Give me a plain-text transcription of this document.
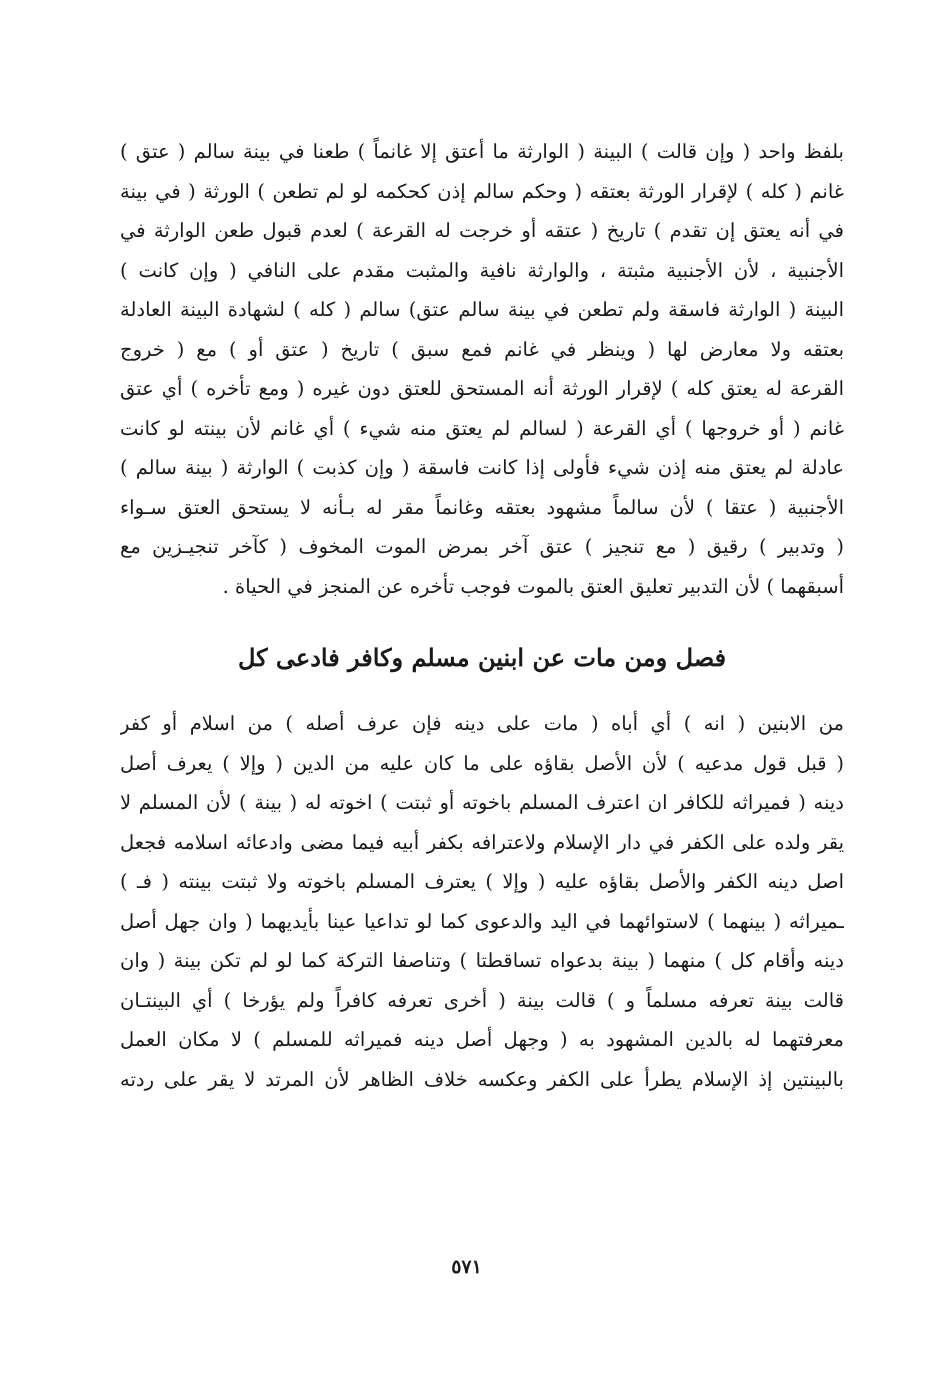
بلفظ واحد ( وإن قالت ) البينة ( الوارثة ما أعتق إلا غانماً ) طعنا في بينة سالم ( عتق )
غانم ( كله ) لإقرار الورثة بعتقه ( وحكم سالم إذن كحكمه لو لم تطعن ) الورثة ( في بينة
في أنه يعتق إن تقدم ) تاريخ ( عتقه أو خرجت له القرعة ) لعدم قبول طعن الوارثة في
الأجنبية ، لأن الأجنبية مثبتة ، والوارثة نافية والمثبت مقدم على النافي ( وإن كانت )
البينة ( الوارثة فاسقة ولم تطعن في بينة سالم عتق) سالم ( كله ) لشهادة البينة العادلة
بعتقه ولا معارض لها ( وينظر في غانم فمع سبق ) تاريخ ( عتق أو ) مع ( خروج
القرعة له يعتق كله ) لإقرار الورثة أنه المستحق للعتق دون غيره ( ومع تأخره ) أي عتق
غانم ( أو خروجها ) أي القرعة ( لسالم لم يعتق منه شيء ) أي غانم لأن بينته لو كانت
عادلة لم يعتق منه إذن شيء فأولى إذا كانت فاسقة ( وإن كذبت ) الوارثة ( بينة سالم )
الأجنبية ( عتقا ) لأن سالماً مشهود بعتقه وغانماً مقر له بـأنه لا يستحق العتق سـواء
( وتدبير ) رقيق ( مع تنجيز ) عتق آخر بمرض الموت المخوف ( كآخر تنجيـزين مع
أسبقهما ) لأن التدبير تعليق العتق بالموت فوجب تأخره عن المنجز في الحياة .
فصل ومن مات عن ابنين مسلم وكافر فادعى كل
من الابنين ( انه ) أي أباه ( مات على دينه فإن عرف أصله ) من اسلام أو كفر
( قبل قول مدعيه ) لأن الأصل بقاؤه على ما كان عليه من الدين ( وإلا ) يعرف أصل
دينه ( فميراثه للكافر ان اعترف المسلم باخوته أو ثبتت ) اخوته له ( بينة ) لأن المسلم لا
يقر ولده على الكفر في دار الإسلام ولاعترافه بكفر أبيه فيما مضى وادعائه اسلامه فجعل
اصل دينه الكفر والأصل بقاؤه عليه ( وإلا ) يعترف المسلم باخوته ولا ثبتت بينته ( فـ )
ـميراثه ( بينهما ) لاستوائهما في اليد والدعوى كما لو تداعيا عينا بأيديهما ( وان جهل أصل
دينه وأقام كل ) منهما ( بينة بدعواه تساقطتا ) وتناصفا التركة كما لو لم تكن بينة ( وان
قالت بينة تعرفه مسلماً و ) قالت بينة ( أخرى تعرفه كافراً ولم يؤرخا ) أي البينتـان
معرفتهما له بالدين المشهود به ( وجهل أصل دينه فميراثه للمسلم ) لا مكان العمل
بالبينتين إذ الإسلام يطرأ على الكفر وعكسه خلاف الظاهر لأن المرتد لا يقر على ردته
٥٧١
